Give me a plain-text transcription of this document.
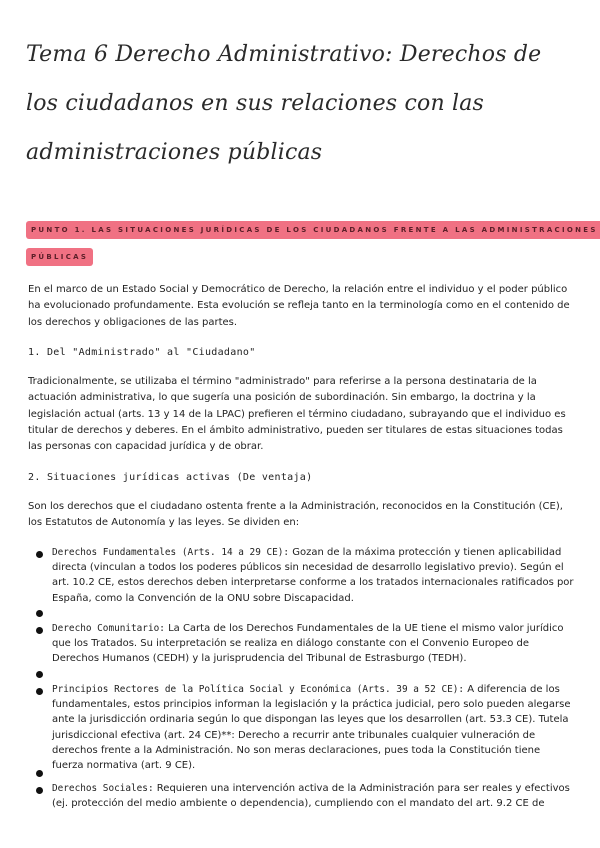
Tema 6 Derecho Administrativo: Derechos de los ciudadanos en sus relaciones con las administraciones públicas
PUNTO 1. LAS SITUACIONES JURÍDICAS DE LOS CIUDADANOS FRENTE A LAS ADMINISTRACIONES
PÚBLICAS

En el marco de un Estado Social y Democrático de Derecho, la relación entre el individuo y el poder público ha evolucionado profundamente. Esta evolución se refleja tanto en la terminología como en el contenido de los derechos y obligaciones de las partes.

1. Del "Administrado" al "Ciudadano"

Tradicionalmente, se utilizaba el término "administrado" para referirse a la persona destinataria de la actuación administrativa, lo que sugería una posición de subordinación. Sin embargo, la doctrina y la legislación actual (arts. 13 y 14 de la LPAC) prefieren el término ciudadano, subrayando que el individuo es titular de derechos y deberes. En el ámbito administrativo, pueden ser titulares de estas situaciones todas las personas con capacidad jurídica y de obrar.

2. Situaciones jurídicas activas (De ventaja)

Son los derechos que el ciudadano ostenta frente a la Administración, reconocidos en la Constitución (CE), los Estatutos de Autonomía y las leyes. Se dividen en:

Derechos Fundamentales (Arts. 14 a 29 CE): Gozan de la máxima protección y tienen aplicabilidad directa (vinculan a todos los poderes públicos sin necesidad de desarrollo legislativo previo). Según el art. 10.2 CE, estos derechos deben interpretarse conforme a los tratados internacionales ratificados por España, como la Convención de la ONU sobre Discapacidad.

Derecho Comunitario: La Carta de los Derechos Fundamentales de la UE tiene el mismo valor jurídico que los Tratados. Su interpretación se realiza en diálogo constante con el Convenio Europeo de Derechos Humanos (CEDH) y la jurisprudencia del Tribunal de Estrasburgo (TEDH).

Principios Rectores de la Política Social y Económica (Arts. 39 a 52 CE): A diferencia de los fundamentales, estos principios informan la legislación y la práctica judicial, pero solo pueden alegarse ante la jurisdicción ordinaria según lo que dispongan las leyes que los desarrollen (art. 53.3 CE). Tutela jurisdiccional efectiva (art. 24 CE)**: Derecho a recurrir ante tribunales cualquier vulneración de derechos frente a la Administración. No son meras declaraciones, pues toda la Constitución tiene fuerza normativa (art. 9 CE).

Derechos Sociales: Requieren una intervención activa de la Administración para ser reales y efectivos (ej. protección del medio ambiente o dependencia), cumpliendo con el mandato del art. 9.2 CE de
